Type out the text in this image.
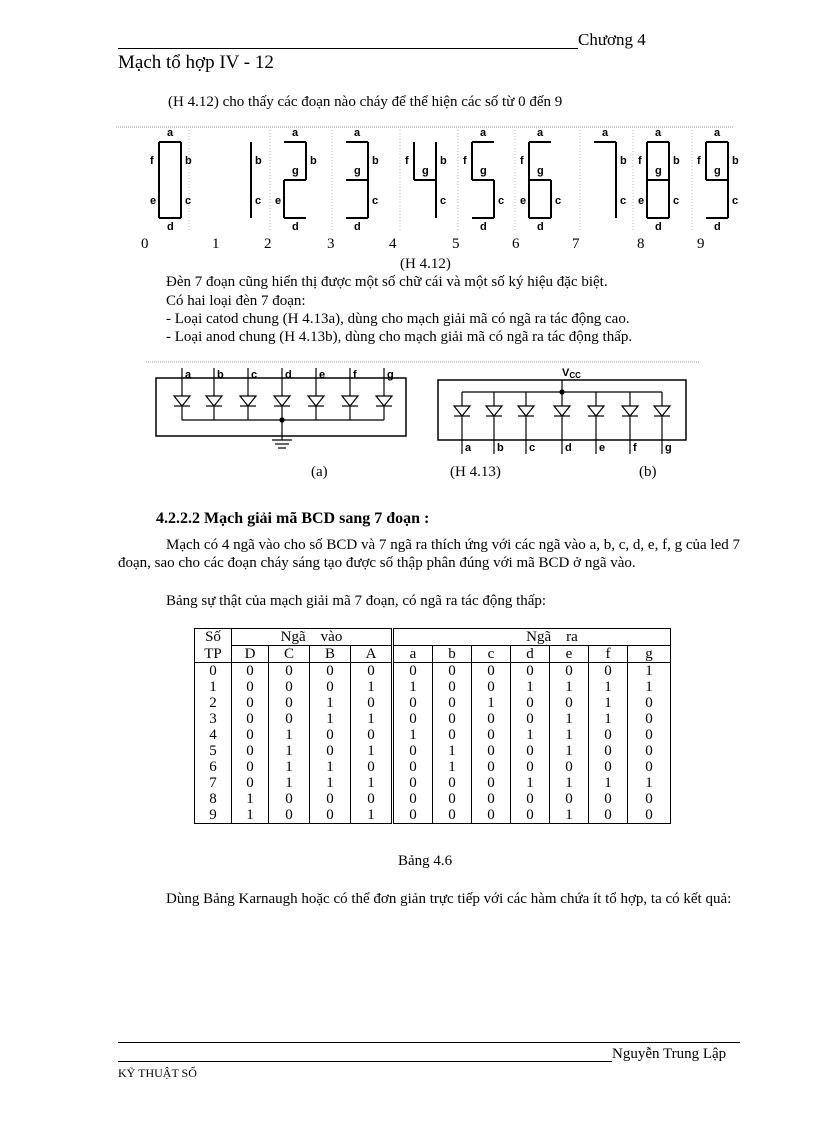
Chương 4
Mạch tổ hợp IV - 12
(H 4.12) cho thấy các đoạn nào cháy để thể hiện các số từ 0 đến 9
a
d
f	b
e	c
b
c
a
d
b
e
g
a
d
b
c
g
f	b
c
g
a
d
f
c
g
a
d
f
e	c
g
a
b
c
a
d
f	b
e	c
g
a
d
f	b
c
g
0	1	2	3	4	5	6	7	8	9
(H 4.12)
Đèn 7 đoạn cũng hiển thị được một số chữ cái và một số ký hiệu đặc biệt.
Có hai loại đèn 7 đoạn:
- Loại catod chung (H 4.13a), dùng cho mạch giải mã có ngã ra tác động cao.
- Loại anod chung (H 4.13b), dùng cho mạch giải mã có ngã ra tác động thấp.
a b c	d e	f	g
a b c	d e	f	g
VCC
(a)	(H 4.13)	(b)
4.2.2.2 Mạch giải mã BCD sang 7 đoạn :
Mạch có 4 ngã vào cho số BCD và 7 ngã ra thích ứng với các ngã vào a, b, c, d, e, f, g của led 7 đoạn, sao cho các đoạn cháy sáng tạo được số thập phân đúng với mã BCD ở ngã vào.
Bảng sự thật của mạch giải mã 7 đoạn, có ngã ra tác động thấp:
Số	Ngã    vào				Ngã    ra						
TP	D	C	B	A	a	b	c	d	e	f	g
0	0	0	0	0	0	0	0	0	0	0	1
1	0	0	0	1	1	0	0	1	1	1	1
2	0	0	1	0	0	0	1	0	0	1	0
3	0	0	1	1	0	0	0	0	1	1	0
4	0	1	0	0	1	0	0	1	1	0	0
5	0	1	0	1	0	1	0	0	1	0	0
6	0	1	1	0	0	1	0	0	0	0	0
7	0	1	1	1	0	0	0	1	1	1	1
8	1	0	0	0	0	0	0	0	0	0	0
9	1	0	0	1	0	0	0	0	1	0	0
Bảng 4.6
Dùng Bảng Karnaugh hoặc có thể đơn giản trực tiếp với các hàm chứa ít tổ hợp, ta có kết quả:
Nguyễn Trung Lập
KỸ THUẬT SỐ
